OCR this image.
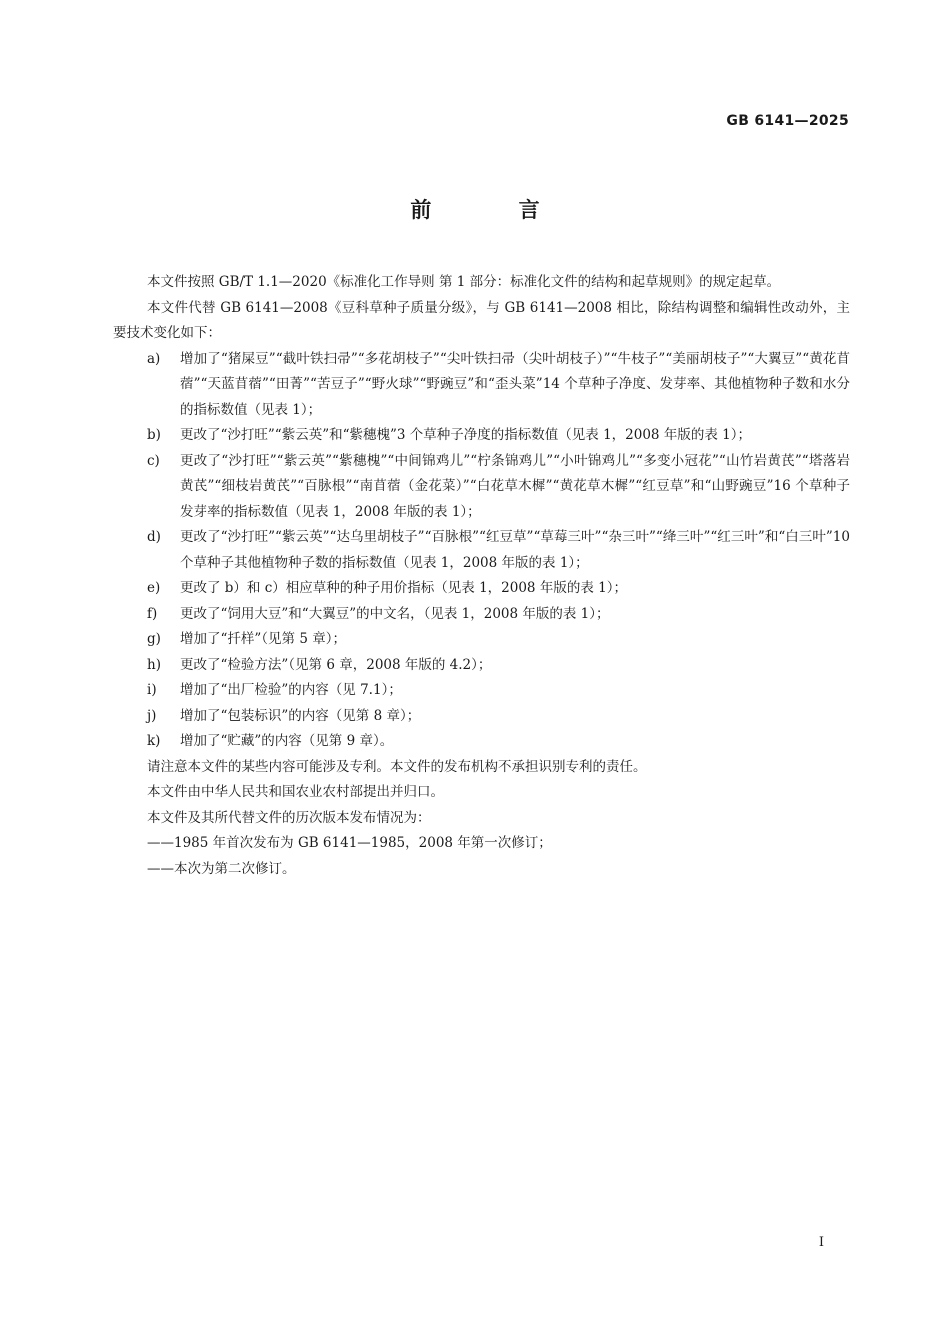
GB 6141—2025
前 言

本文件按照 GB/T 1.1—2020《标准化工作导则 第 1 部分：标准化文件的结构和起草规则》的规定起草。

本文件代替 GB 6141—2008《豆科草种子质量分级》，与 GB 6141—2008 相比，除结构调整和编辑性改动外，主要技术变化如下：

a)	增加了“猪屎豆”“截叶铁扫帚”“多花胡枝子”“尖叶铁扫帚（尖叶胡枝子）”“牛枝子”“美丽胡枝子”“大翼豆”“黄花苜蓿”“天蓝苜蓿”“田菁”“苦豆子”“野火球”“野豌豆”和“歪头菜”14 个草种子净度、发芽率、其他植物种子数和水分的指标数值（见表 1）；
b)	更改了“沙打旺”“紫云英”和“紫穗槐”3 个草种子净度的指标数值（见表 1，2008 年版的表 1）；
c)	更改了“沙打旺”“紫云英”“紫穗槐”“中间锦鸡儿”“柠条锦鸡儿”“小叶锦鸡儿”“多变小冠花”“山竹岩黄芪”“塔落岩黄芪”“细枝岩黄芪”“百脉根”“南苜蓿（金花菜）”“白花草木樨”“黄花草木樨”“红豆草”和“山野豌豆”16 个草种子发芽率的指标数值（见表 1，2008 年版的表 1）；
d)	更改了“沙打旺”“紫云英”“达乌里胡枝子”“百脉根”“红豆草”“草莓三叶”“杂三叶”“绛三叶”“红三叶”和“白三叶”10 个草种子其他植物种子数的指标数值（见表 1，2008 年版的表 1）；
e)	更改了 b）和 c）相应草种的种子用价指标（见表 1，2008 年版的表 1）；
f)	更改了“饲用大豆”和“大翼豆”的中文名，（见表 1，2008 年版的表 1）；
g)	增加了“扦样”（见第 5 章）；
h)	更改了“检验方法”（见第 6 章，2008 年版的 4.2）；
i)	增加了“出厂检验”的内容（见 7.1）；
j)	增加了“包装标识”的内容（见第 8 章）；
k)	增加了“贮藏”的内容（见第 9 章）。

请注意本文件的某些内容可能涉及专利。本文件的发布机构不承担识别专利的责任。

本文件由中华人民共和国农业农村部提出并归口。

本文件及其所代替文件的历次版本发布情况为：

——1985 年首次发布为 GB 6141—1985，2008 年第一次修订；

——本次为第二次修订。

I
